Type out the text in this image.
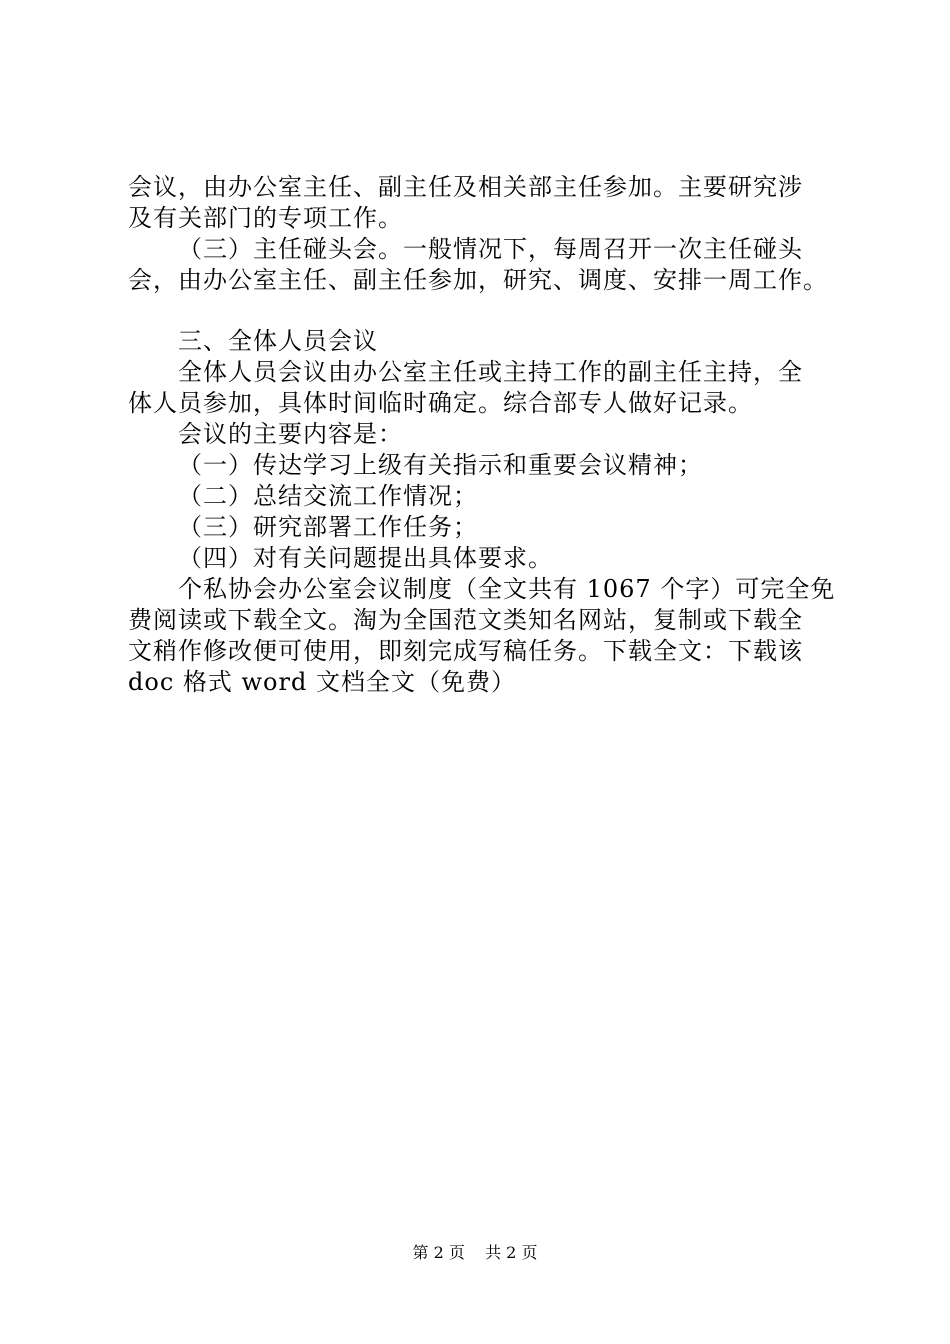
会议，由办公室主任、副主任及相关部主任参加。主要研究涉

及有关部门的专项工作。

（三）主任碰头会。一般情况下，每周召开一次主任碰头

会，由办公室主任、副主任参加，研究、调度、安排一周工作。

三、全体人员会议

全体人员会议由办公室主任或主持工作的副主任主持，全

体人员参加，具体时间临时确定。综合部专人做好记录。

会议的主要内容是：

（一）传达学习上级有关指示和重要会议精神；

（二）总结交流工作情况；

（三）研究部署工作任务；

（四）对有关问题提出具体要求。

个私协会办公室会议制度（全文共有 1067 个字）可完全免

费阅读或下载全文。淘为全国范文类知名网站，复制或下载全

文稍作修改便可使用，即刻完成写稿任务。下载全文：下载该

doc 格式 word 文档全文（免费）

第 2 页 共 2 页
